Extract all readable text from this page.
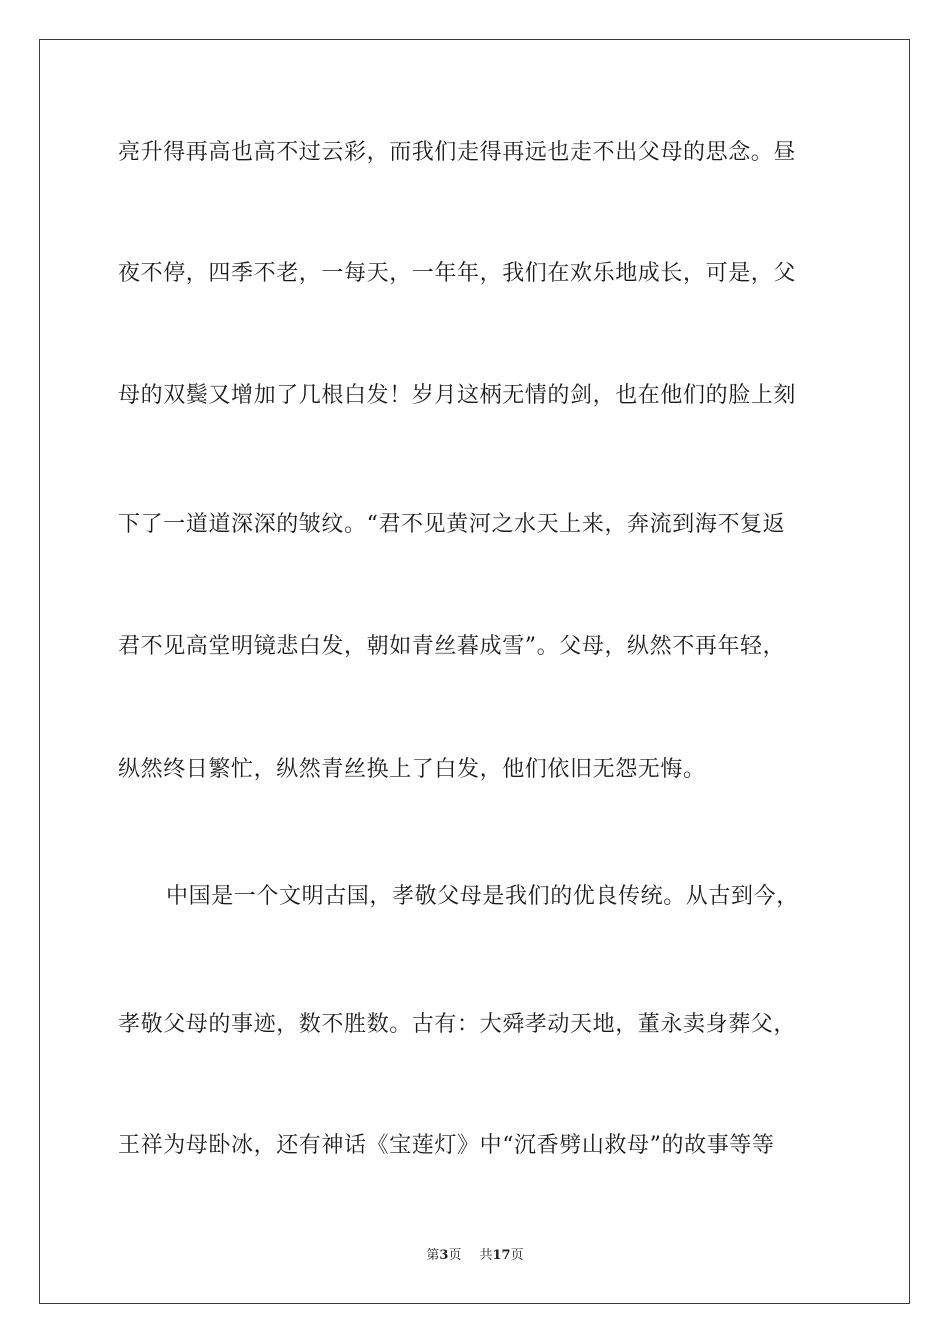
亮升得再高也高不过云彩，而我们走得再远也走不出父母的思念。昼
夜不停，四季不老，一每天，一年年，我们在欢乐地成长，可是，父
母的双鬓又增加了几根白发！岁月这柄无情的剑，也在他们的脸上刻
下了一道道深深的皱纹。“君不见黄河之水天上来，奔流到海不复返
君不见高堂明镜悲白发，朝如青丝暮成雪”。父母，纵然不再年轻，
纵然终日繁忙，纵然青丝换上了白发，他们依旧无怨无悔。
中国是一个文明古国，孝敬父母是我们的优良传统。从古到今，
孝敬父母的事迹，数不胜数。古有：大舜孝动天地，董永卖身葬父，
王祥为母卧冰，还有神话《宝莲灯》中“沉香劈山救母”的故事等等
第3页 共17页
